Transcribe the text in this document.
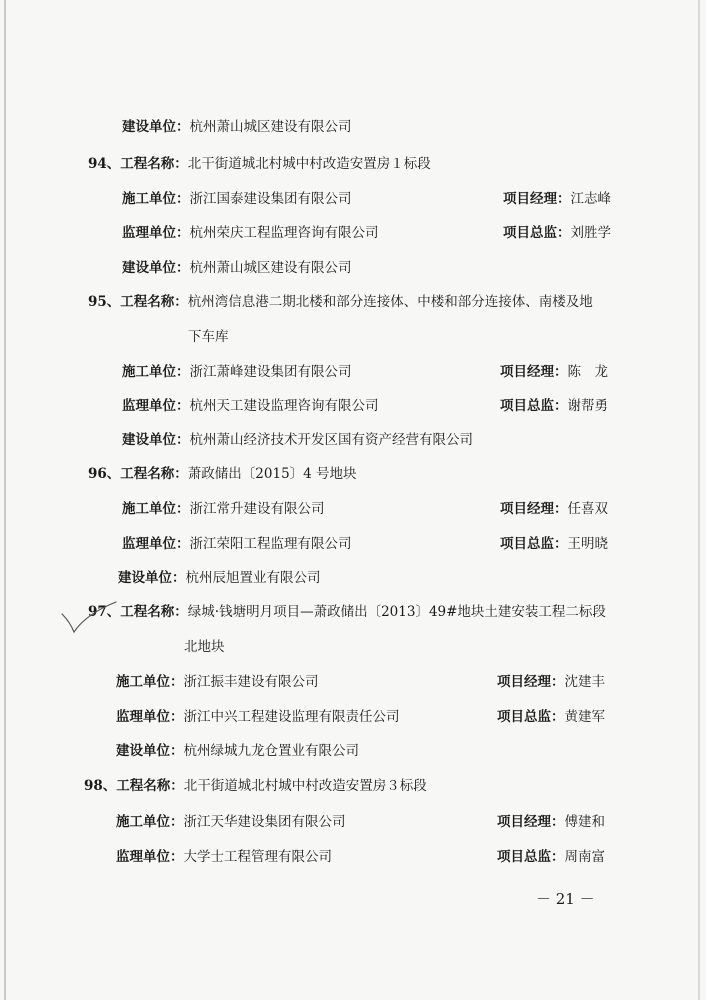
建设单位：杭州萧山城区建设有限公司
94、工程名称：北干街道城北村城中村改造安置房１标段
施工单位：浙江国泰建设集团有限公司	项目经理：江志峰
监理单位：杭州荣庆工程监理咨询有限公司	项目总监：刘胜学
建设单位：杭州萧山城区建设有限公司
95、工程名称：杭州湾信息港二期北楼和部分连接体、中楼和部分连接体、南楼及地
下车库
施工单位：浙江萧峰建设集团有限公司	项目经理：陈　龙
监理单位：杭州天工建设监理咨询有限公司	项目总监：谢帮勇
建设单位：杭州萧山经济技术开发区国有资产经营有限公司
96、工程名称：萧政储出〔2015〕4 号地块
施工单位：浙江常升建设有限公司	项目经理：任喜双
监理单位：浙江荣阳工程监理有限公司	项目总监：王明晓
建设单位：杭州辰旭置业有限公司
97、工程名称：绿城·钱塘明月项目—萧政储出〔2013〕49#地块土建安装工程二标段
北地块
施工单位：浙江振丰建设有限公司	项目经理：沈建丰
监理单位：浙江中兴工程建设监理有限责任公司	项目总监：黄建军
建设单位：杭州绿城九龙仓置业有限公司
98、工程名称：北干街道城北村城中村改造安置房３标段
施工单位：浙江天华建设集团有限公司	项目经理：傅建和
监理单位：大学士工程管理有限公司	项目总监：周南富
－ 21 －
